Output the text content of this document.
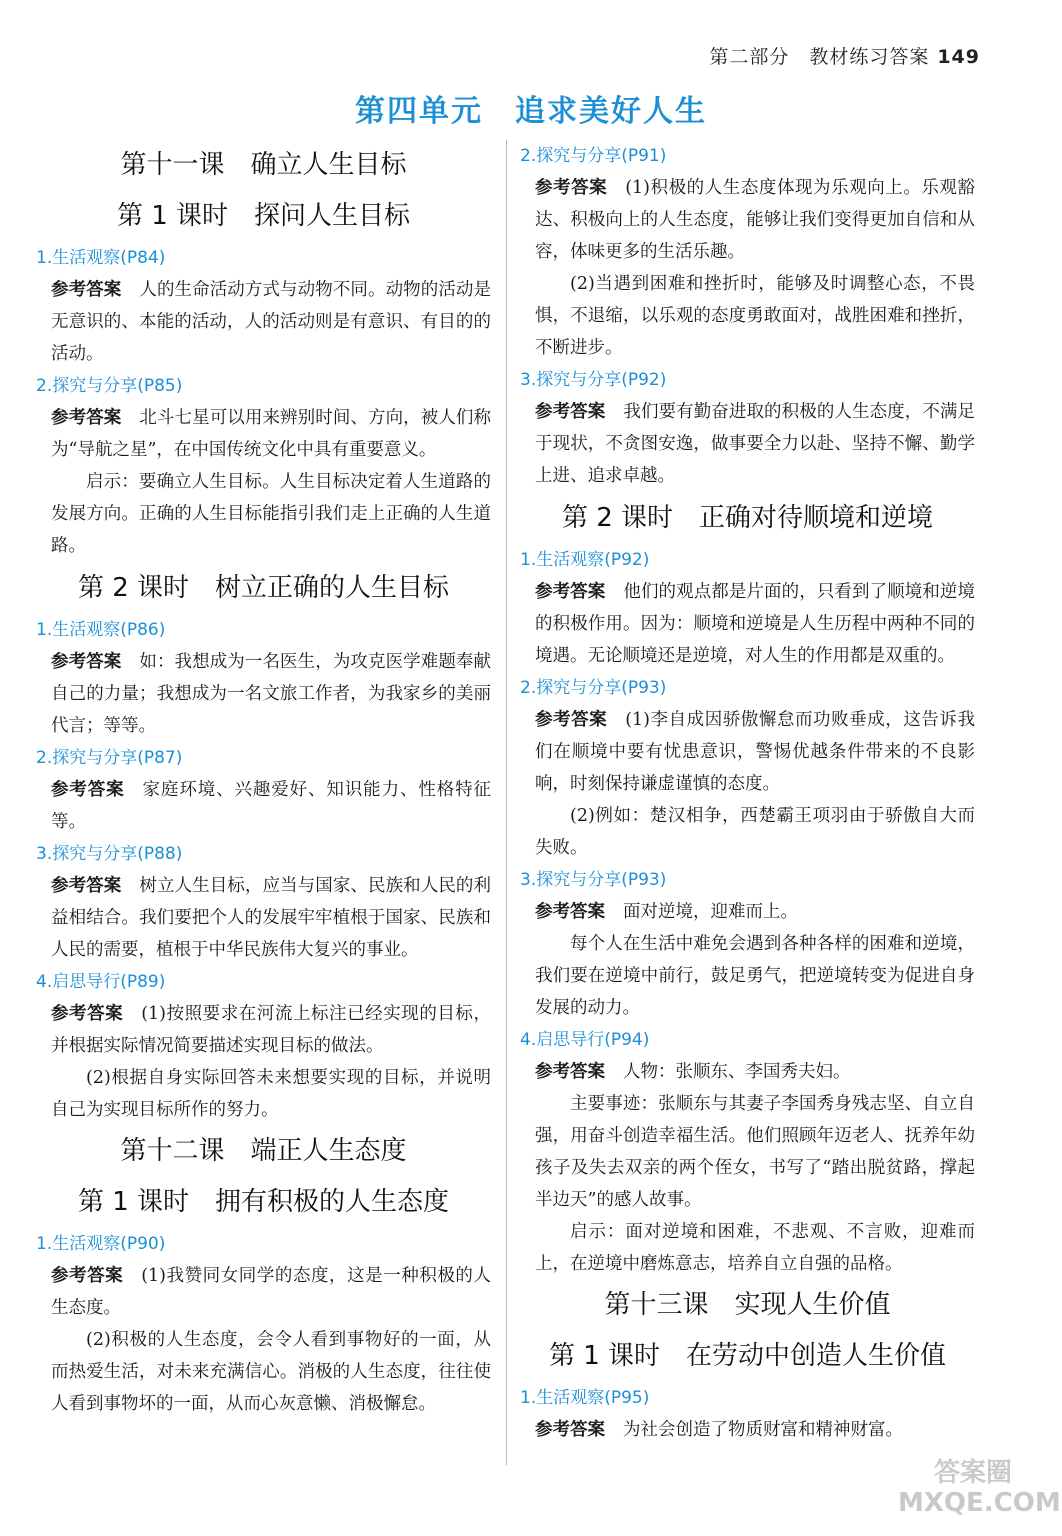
第二部分　教材练习答案 149
第四单元　追求美好人生
第十一课　确立人生目标
第 1 课时　探问人生目标
1.生活观察(P84)

参考答案 人的生命活动方式与动物不同。动物的活动是无意识的、本能的活动，人的活动则是有意识、有目的的活动。

2.探究与分享(P85)

参考答案 北斗七星可以用来辨别时间、方向，被人们称为“导航之星”，在中国传统文化中具有重要意义。

启示：要确立人生目标。人生目标决定着人生道路的发展方向。正确的人生目标能指引我们走上正确的人生道路。

第 2 课时　树立正确的人生目标
1.生活观察(P86)

参考答案 如：我想成为一名医生，为攻克医学难题奉献自己的力量；我想成为一名文旅工作者，为我家乡的美丽代言；等等。

2.探究与分享(P87)

参考答案 家庭环境、兴趣爱好、知识能力、性格特征等。

3.探究与分享(P88)

参考答案 树立人生目标，应当与国家、民族和人民的利益相结合。我们要把个人的发展牢牢植根于国家、民族和人民的需要，植根于中华民族伟大复兴的事业。

4.启思导行(P89)

参考答案 (1)按照要求在河流上标注已经实现的目标，并根据实际情况简要描述实现目标的做法。

(2)根据自身实际回答未来想要实现的目标，并说明自己为实现目标所作的努力。

第十二课　端正人生态度
第 1 课时　拥有积极的人生态度
1.生活观察(P90)

参考答案 (1)我赞同女同学的态度，这是一种积极的人生态度。

(2)积极的人生态度，会令人看到事物好的一面，从而热爱生活，对未来充满信心。消极的人生态度，往往使人看到事物坏的一面，从而心灰意懒、消极懈怠。

2.探究与分享(P91)

参考答案 (1)积极的人生态度体现为乐观向上。乐观豁达、积极向上的人生态度，能够让我们变得更加自信和从容，体味更多的生活乐趣。

(2)当遇到困难和挫折时，能够及时调整心态，不畏惧，不退缩，以乐观的态度勇敢面对，战胜困难和挫折，不断进步。

3.探究与分享(P92)

参考答案 我们要有勤奋进取的积极的人生态度，不满足于现状，不贪图安逸，做事要全力以赴、坚持不懈、勤学上进、追求卓越。

第 2 课时　正确对待顺境和逆境
1.生活观察(P92)

参考答案 他们的观点都是片面的，只看到了顺境和逆境的积极作用。因为：顺境和逆境是人生历程中两种不同的境遇。无论顺境还是逆境，对人生的作用都是双重的。

2.探究与分享(P93)

参考答案 (1)李自成因骄傲懈怠而功败垂成，这告诉我们在顺境中要有忧患意识，警惕优越条件带来的不良影响，时刻保持谦虚谨慎的态度。

(2)例如：楚汉相争，西楚霸王项羽由于骄傲自大而失败。

3.探究与分享(P93)

参考答案 面对逆境，迎难而上。

每个人在生活中难免会遇到各种各样的困难和逆境，我们要在逆境中前行，鼓足勇气，把逆境转变为促进自身发展的动力。

4.启思导行(P94)

参考答案 人物：张顺东、李国秀夫妇。

主要事迹：张顺东与其妻子李国秀身残志坚、自立自强，用奋斗创造幸福生活。他们照顾年迈老人、抚养年幼孩子及失去双亲的两个侄女，书写了“踏出脱贫路，撑起半边天”的感人故事。

启示：面对逆境和困难，不悲观、不言败，迎难而上，在逆境中磨炼意志，培养自立自强的品格。

第十三课　实现人生价值
第 1 课时　在劳动中创造人生价值
1.生活观察(P95)

参考答案 为社会创造了物质财富和精神财富。

答案圈
MXQE.COM
